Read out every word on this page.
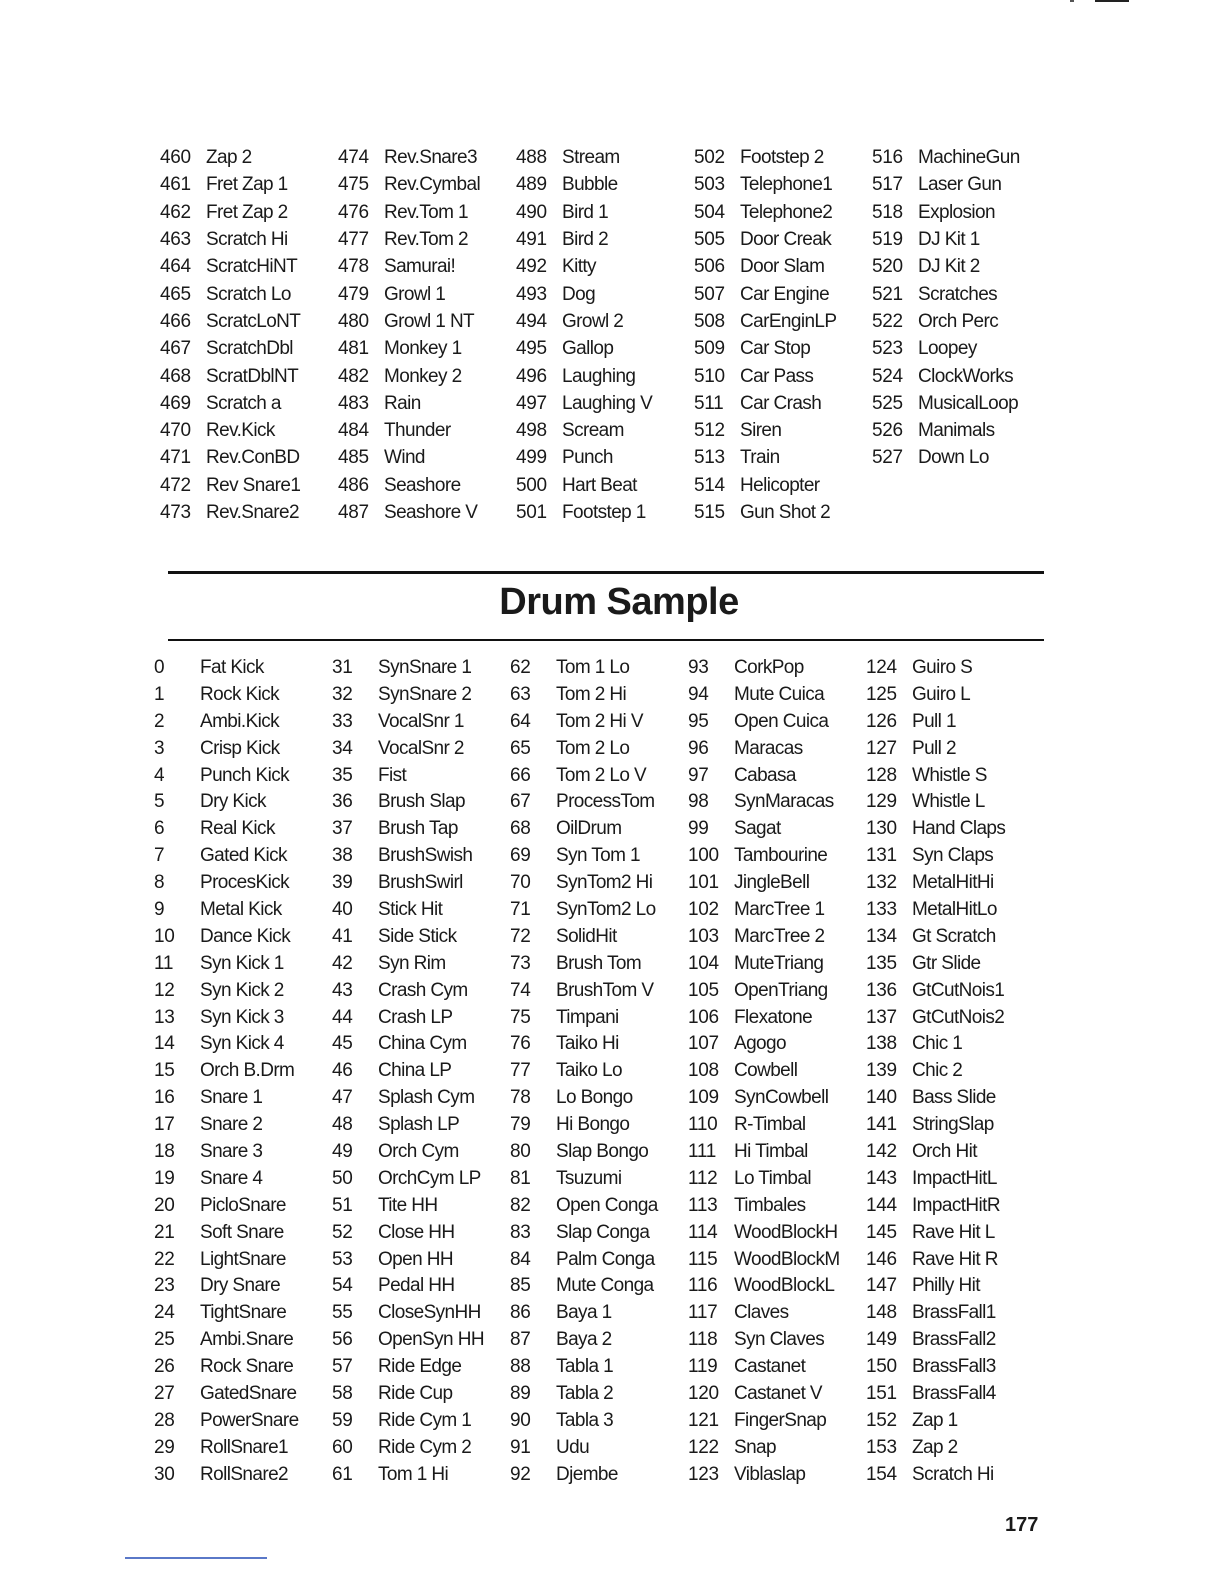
460 Zap 2
461 Fret Zap 1
462 Fret Zap 2
463 Scratch Hi
464 ScratcHiNT
465 Scratch Lo
466 ScratcLoNT
467 ScratchDbl
468 ScratDblNT
469 Scratch a
470 Rev.Kick
471 Rev.ConBD
472 Rev Snare1
473 Rev.Snare2
474 Rev.Snare3
475 Rev.Cymbal
476 Rev.Tom 1
477 Rev.Tom 2
478 Samurai!
479 Growl 1
480 Growl 1 NT
481 Monkey 1
482 Monkey 2
483 Rain
484 Thunder
485 Wind
486 Seashore
487 Seashore V
488 Stream
489 Bubble
490 Bird 1
491 Bird 2
492 Kitty
493 Dog
494 Growl 2
495 Gallop
496 Laughing
497 Laughing V
498 Scream
499 Punch
500 Hart Beat
501 Footstep 1
502 Footstep 2
503 Telephone1
504 Telephone2
505 Door Creak
506 Door Slam
507 Car Engine
508 CarEnginLP
509 Car Stop
510 Car Pass
511 Car Crash
512 Siren
513 Train
514 Helicopter
515 Gun Shot 2
516 MachineGun
517 Laser Gun
518 Explosion
519 DJ Kit 1
520 DJ Kit 2
521 Scratches
522 Orch Perc
523 Loopey
524 ClockWorks
525 MusicalLoop
526 Manimals
527 Down Lo
Drum Sample
0	Fat Kick
1	Rock Kick
2	Ambi.Kick
3	Crisp Kick
4	Punch Kick
5	Dry Kick
6	Real Kick
7	Gated Kick
8	ProcesKick
9	Metal Kick
10	Dance Kick
11	Syn Kick 1
12	Syn Kick 2
13	Syn Kick 3
14	Syn Kick 4
15	Orch B.Drm
16	Snare 1
17	Snare 2
18	Snare 3
19	Snare 4
20	PicloSnare
21	Soft Snare
22	LightSnare
23	Dry Snare
24	TightSnare
25	Ambi.Snare
26	Rock Snare
27	GatedSnare
28	PowerSnare
29	RollSnare1
30	RollSnare2
31	SynSnare 1
32	SynSnare 2
33	VocalSnr 1
34	VocalSnr 2
35	Fist
36	Brush Slap
37	Brush Tap
38	BrushSwish
39	BrushSwirl
40	Stick Hit
41	Side Stick
42	Syn Rim
43	Crash Cym
44	Crash LP
45	China Cym
46	China LP
47	Splash Cym
48	Splash LP
49	Orch Cym
50	OrchCym LP
51	Tite HH
52	Close HH
53	Open HH
54	Pedal HH
55	CloseSynHH
56	OpenSyn HH
57	Ride Edge
58	Ride Cup
59	Ride Cym 1
60	Ride Cym 2
61	Tom 1 Hi
62	Tom 1 Lo
63	Tom 2 Hi
64	Tom 2 Hi V
65	Tom 2 Lo
66	Tom 2 Lo V
67	ProcessTom
68	OilDrum
69	Syn Tom 1
70	SynTom2 Hi
71	SynTom2 Lo
72	SolidHit
73	Brush Tom
74	BrushTom V
75	Timpani
76	Taiko Hi
77	Taiko Lo
78	Lo Bongo
79	Hi Bongo
80	Slap Bongo
81	Tsuzumi
82	Open Conga
83	Slap Conga
84	Palm Conga
85	Mute Conga
86	Baya 1
87	Baya 2
88	Tabla 1
89	Tabla 2
90	Tabla 3
91	Udu
92	Djembe
93	CorkPop
94	Mute Cuica
95	Open Cuica
96	Maracas
97	Cabasa
98	SynMaracas
99	Sagat
100 Tambourine
101 JingleBell
102 MarcTree 1
103 MarcTree 2
104 MuteTriang
105 OpenTriang
106 Flexatone
107 Agogo
108 Cowbell
109 SynCowbell
110 R-Timbal
111 Hi Timbal
112 Lo Timbal
113 Timbales
114 WoodBlockH
115 WoodBlockM
116 WoodBlockL
117 Claves
118 Syn Claves
119 Castanet
120 Castanet V
121 FingerSnap
122 Snap
123 Viblaslap
124 Guiro S
125 Guiro L
126 Pull 1
127 Pull 2
128 Whistle S
129 Whistle L
130 Hand Claps
131 Syn Claps
132 MetalHitHi
133 MetalHitLo
134 Gt Scratch
135 Gtr Slide
136 GtCutNois1
137 GtCutNois2
138 Chic 1
139 Chic 2
140 Bass Slide
141 StringSlap
142 Orch Hit
143 ImpactHitL
144 ImpactHitR
145 Rave Hit L
146 Rave Hit R
147 Philly Hit
148 BrassFall1
149 BrassFall2
150 BrassFall3
151 BrassFall4
152 Zap 1
153 Zap 2
154 Scratch Hi
177
